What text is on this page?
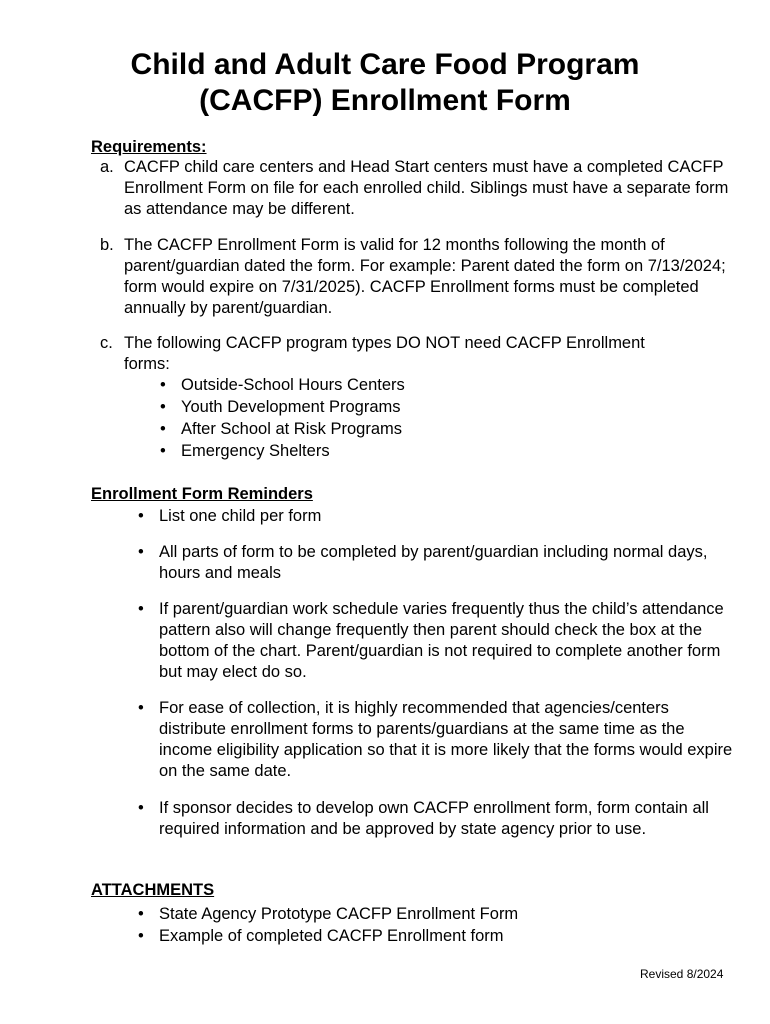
Child and Adult Care Food Program
(CACFP) Enrollment Form
Requirements:
a. CACFP child care centers and Head Start centers must have a completed CACFP Enrollment Form on file for each enrolled child. Siblings must have a separate form as attendance may be different.
b. The CACFP Enrollment Form is valid for 12 months following the month of parent/guardian dated the form. For example: Parent dated the form on 7/13/2024; form would expire on 7/31/2025). CACFP Enrollment forms must be completed annually by parent/guardian.
c. The following CACFP program types DO NOT need CACFP Enrollment forms:
• Outside-School Hours Centers
• Youth Development Programs
• After School at Risk Programs
• Emergency Shelters
Enrollment Form Reminders
• List one child per form
• All parts of form to be completed by parent/guardian including normal days, hours and meals
• If parent/guardian work schedule varies frequently thus the child’s attendance pattern also will change frequently then parent should check the box at the bottom of the chart. Parent/guardian is not required to complete another form but may elect do so.
• For ease of collection, it is highly recommended that agencies/centers distribute enrollment forms to parents/guardians at the same time as the income eligibility application so that it is more likely that the forms would expire on the same date.
• If sponsor decides to develop own CACFP enrollment form, form contain all required information and be approved by state agency prior to use.
ATTACHMENTS
• State Agency Prototype CACFP Enrollment Form
• Example of completed CACFP Enrollment form
Revised 8/2024
